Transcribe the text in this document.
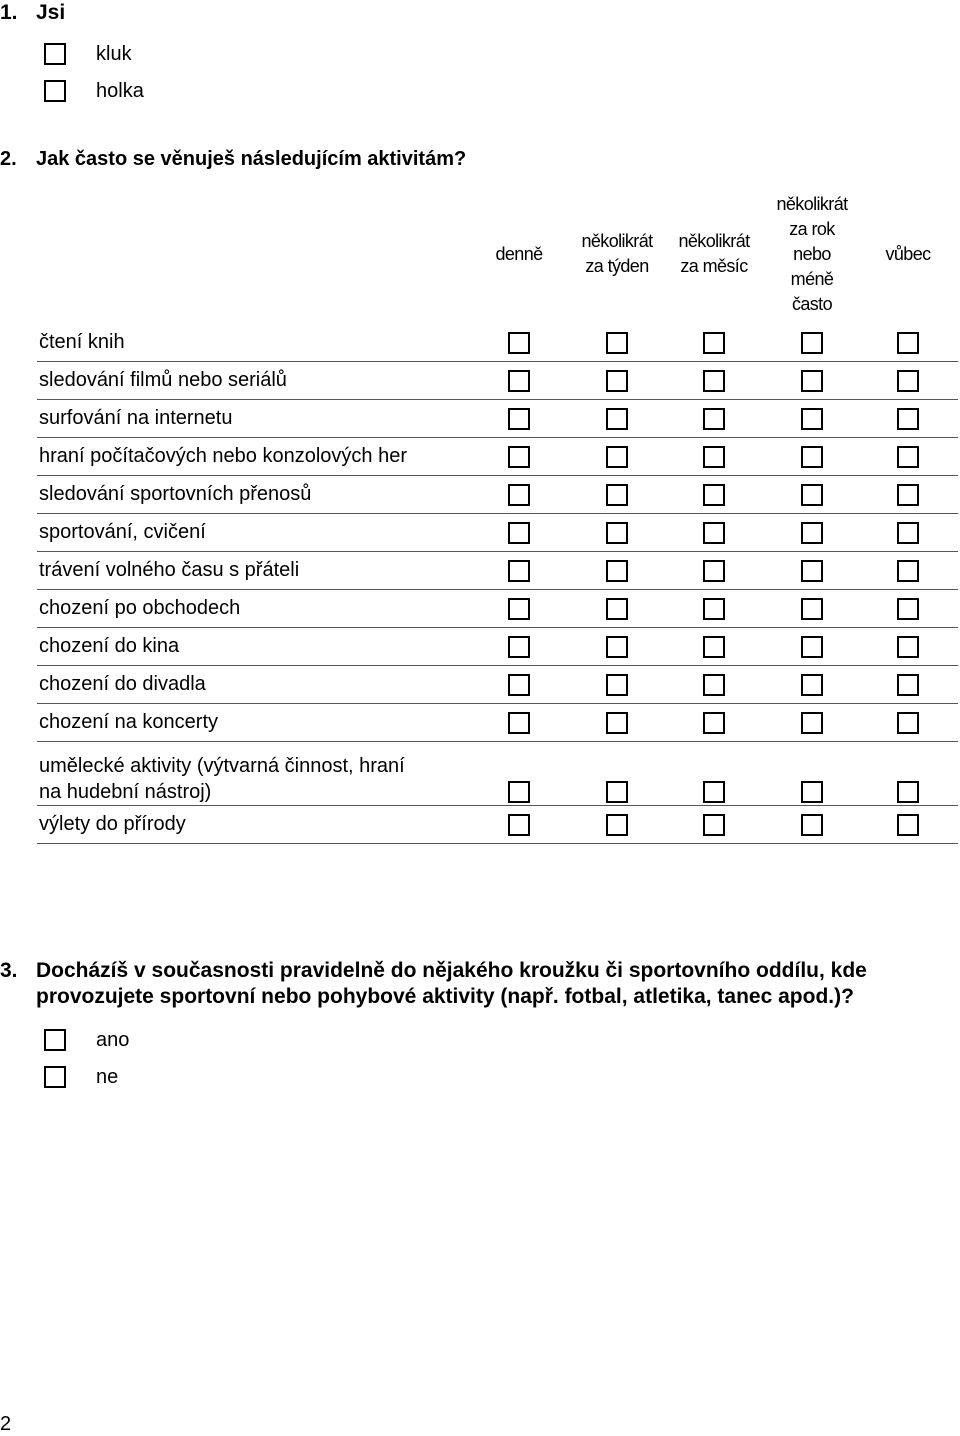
1. Jsi
kluk
holka
2. Jak často se věnuješ následujícím aktivitám?
denně
několikrát
za týden
několikrát
za měsíc
několikrát
za rok
nebo
méně
často
vůbec
čtení knih
sledování filmů nebo seriálů
surfování na internetu
hraní počítačových nebo konzolových her
sledování sportovních přenosů
sportování, cvičení
trávení volného času s přáteli
chození po obchodech
chození do kina
chození do divadla
chození na koncerty
umělecké aktivity (výtvarná činnost, hraní
na hudební nástroj)
výlety do přírody
3. Docházíš v současnosti pravidelně do nějakého kroužku či sportovního oddílu, kde
provozujete sportovní nebo pohybové aktivity (např. fotbal, atletika, tanec apod.)?
ano
ne
2
